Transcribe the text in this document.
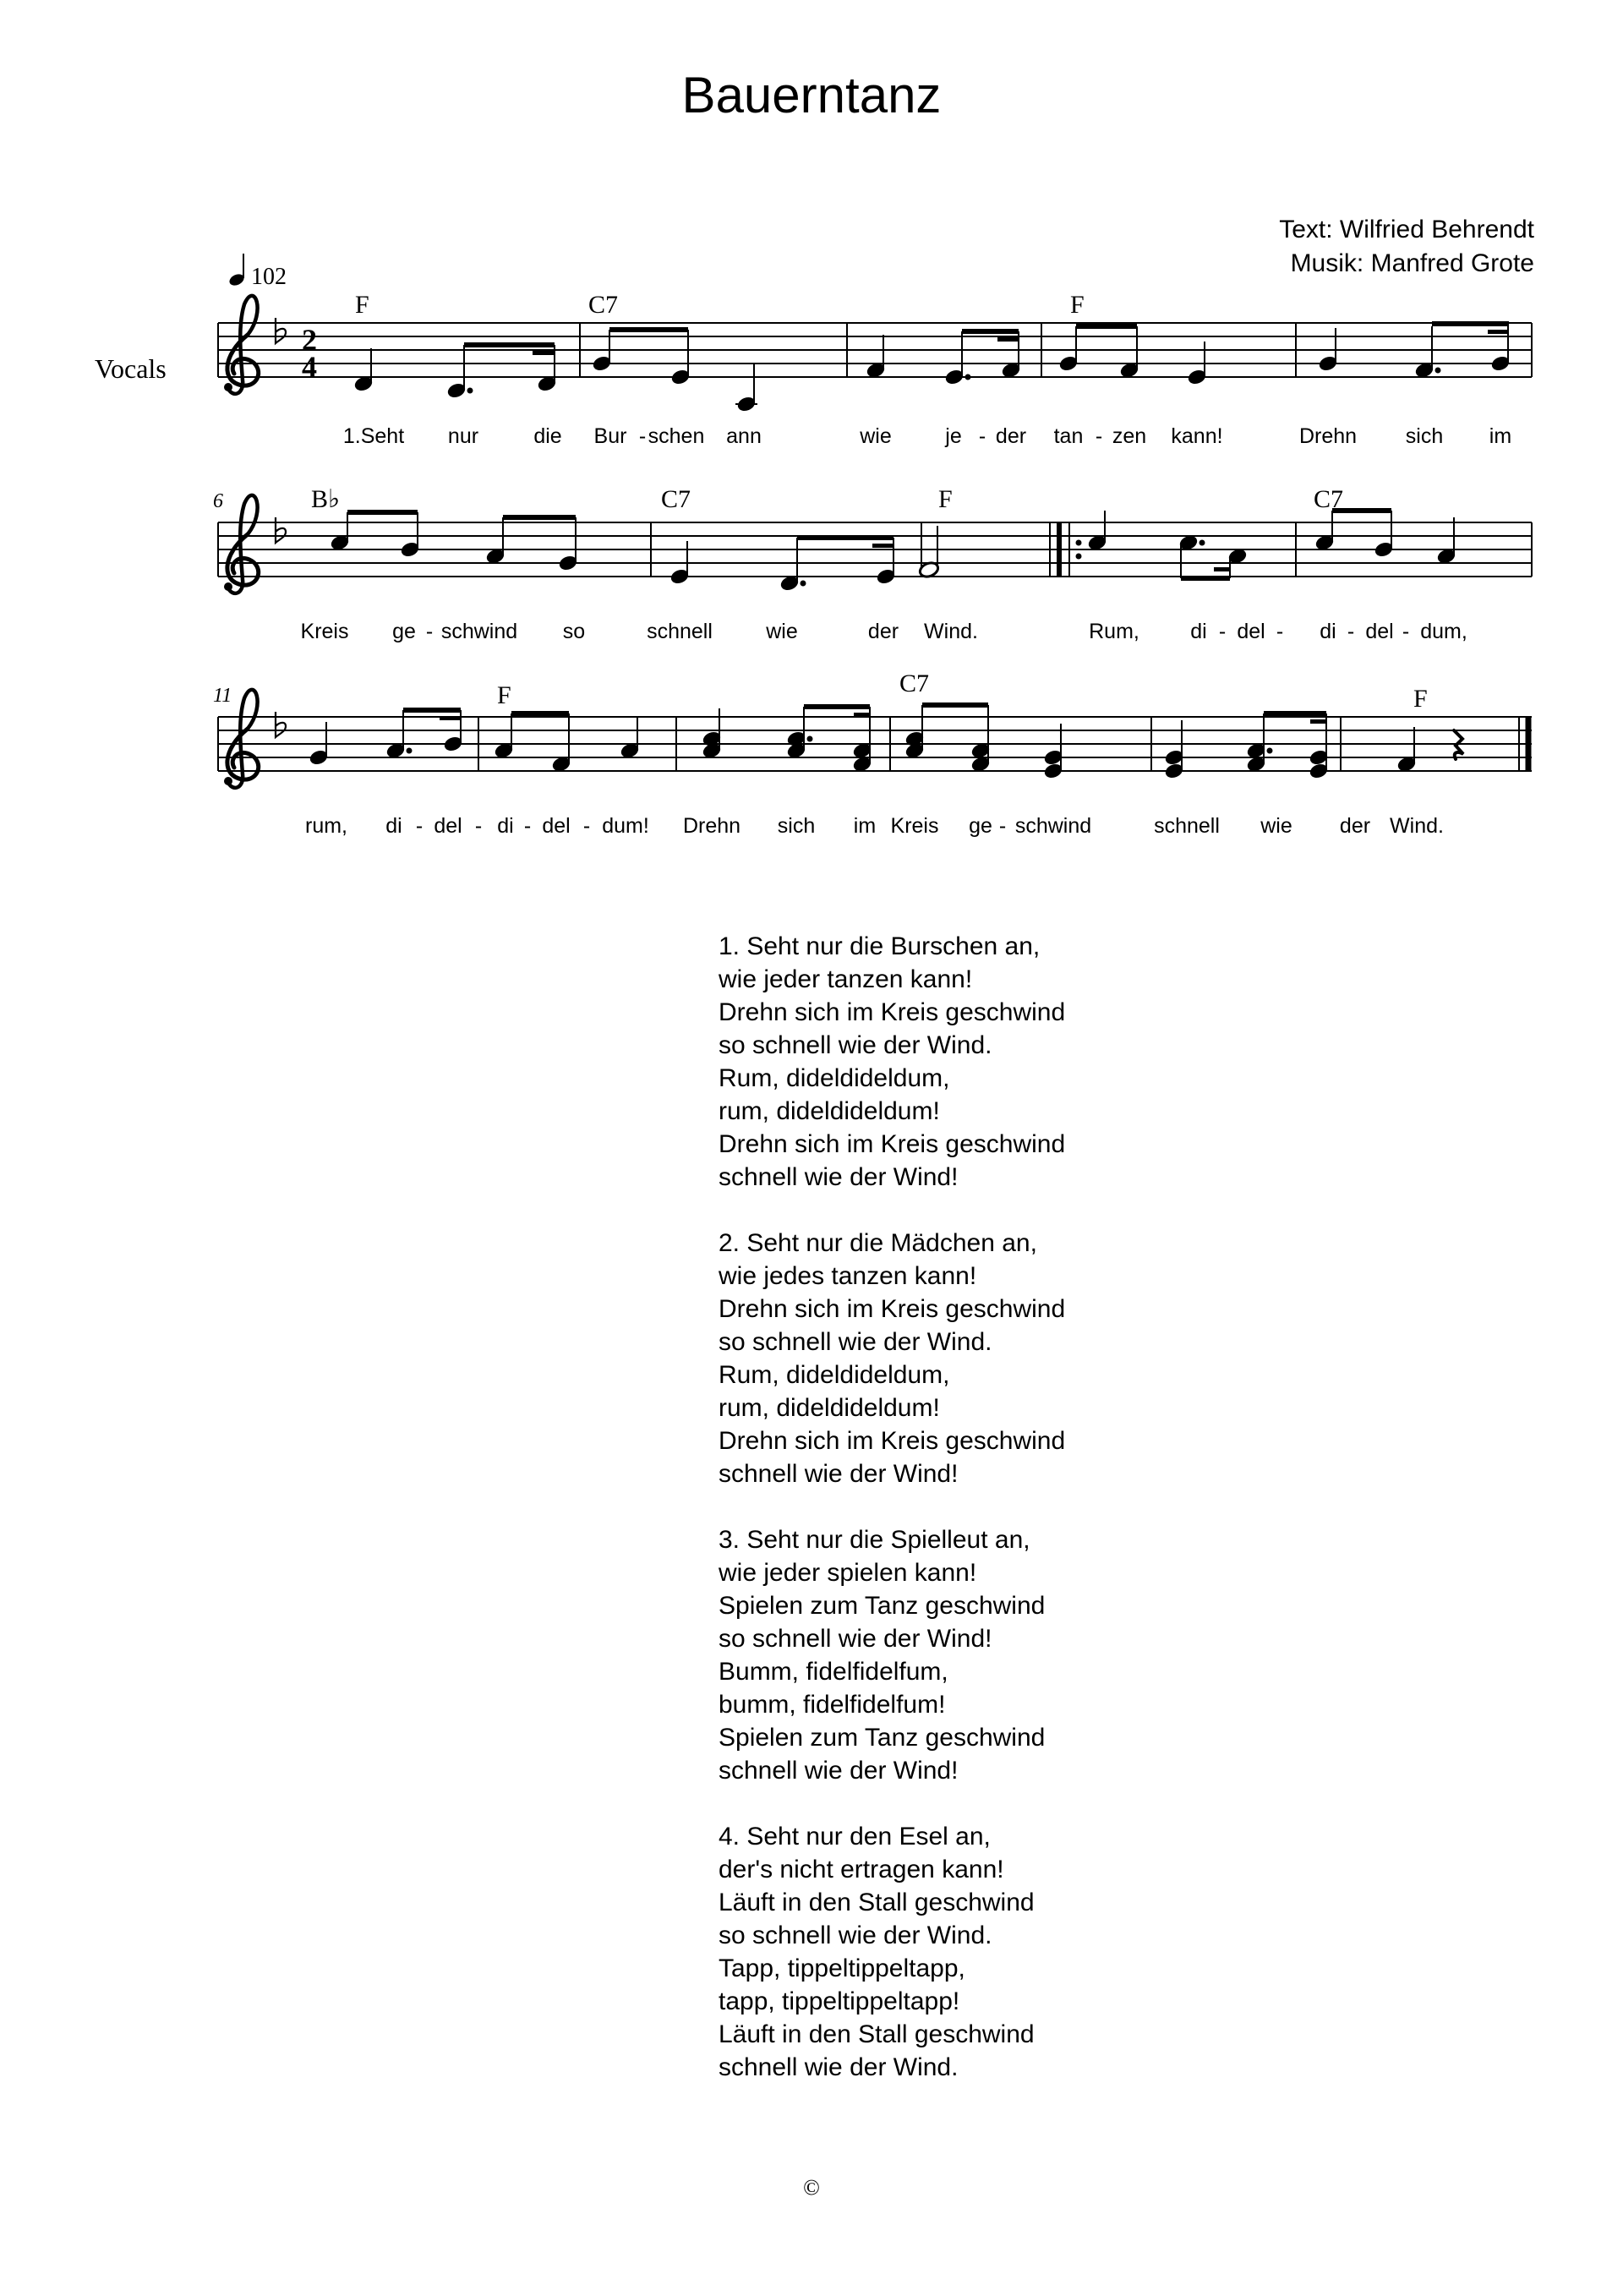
Bauerntanz
Text: Wilfried Behrendt
Musik: Manfred Grote
102
Vocals
2
4
F	C7	F
1.Seht nur	die Bur - schen ann	wie	je - der tan - zen kann!	Drehn sich im
6	B♭	C7	F	C7
Kreis ge - schwind so	schnell	wie	der Wind.	Rum, di - del - di - del - dum,
11	F	C7
F
rum, di - del - di - del - dum! Drehn sich im Kreis ge - schwind	schnell wie der Wind.
1. Seht nur die Burschen an,
wie jeder tanzen kann!
Drehn sich im Kreis geschwind
so schnell wie der Wind.
Rum, dideldideldum,
rum, dideldideldum!
Drehn sich im Kreis geschwind
schnell wie der Wind!
2. Seht nur die Mädchen an,
wie jedes tanzen kann!
Drehn sich im Kreis geschwind
so schnell wie der Wind.
Rum, dideldideldum,
rum, dideldideldum!
Drehn sich im Kreis geschwind
schnell wie der Wind!
3. Seht nur die Spielleut an,
wie jeder spielen kann!
Spielen zum Tanz geschwind
so schnell wie der Wind!
Bumm, fidelfidelfum,
bumm, fidelfidelfum!
Spielen zum Tanz geschwind
schnell wie der Wind!
4. Seht nur den Esel an,
der's nicht ertragen kann!
Läuft in den Stall geschwind
so schnell wie der Wind.
Tapp, tippeltippeltapp,
tapp, tippeltippeltapp!
Läuft in den Stall geschwind
schnell wie der Wind.
©
